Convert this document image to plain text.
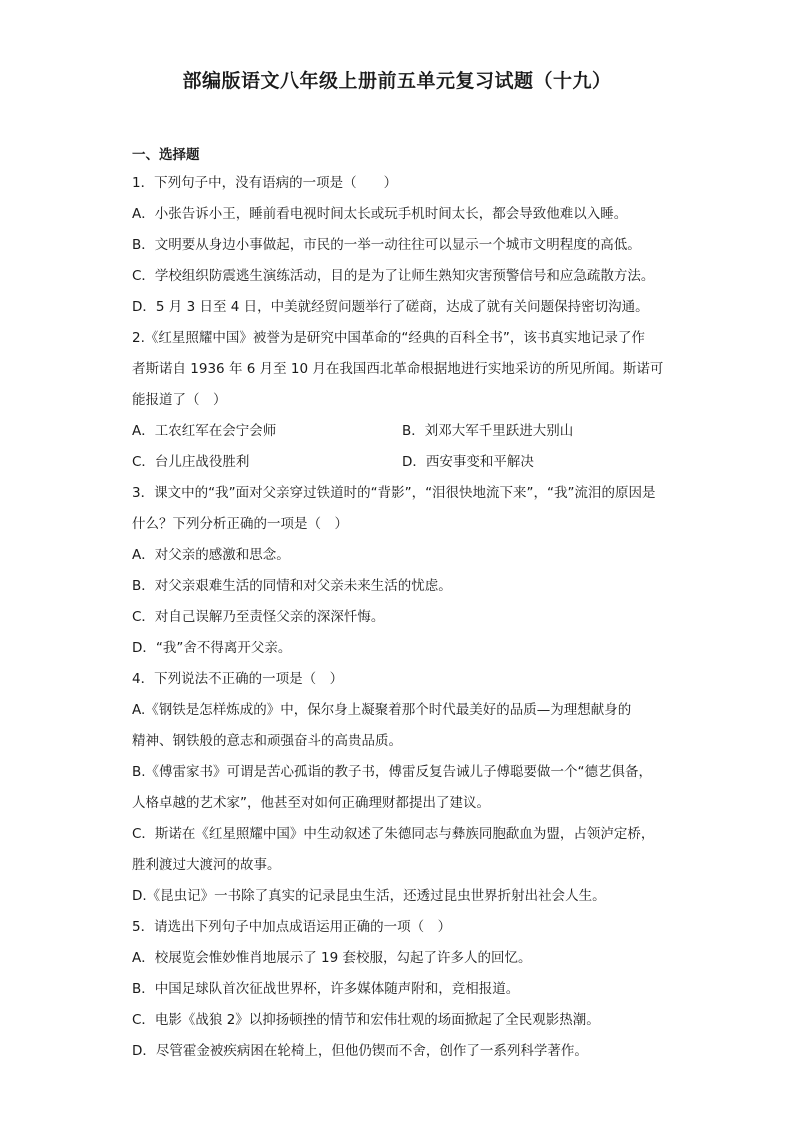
部编版语文八年级上册前五单元复习试题（十九）
一、选择题
1．下列句子中，没有语病的一项是（　　）
A．小张告诉小王，睡前看电视时间太长或玩手机时间太长，都会导致他难以入睡。
B．文明要从身边小事做起，市民的一举一动往往可以显示一个城市文明程度的高低。
C．学校组织防震逃生演练活动，目的是为了让师生熟知灾害预警信号和应急疏散方法。
D．5 月 3 日至 4 日，中美就经贸问题举行了磋商，达成了就有关问题保持密切沟通。
2.《红星照耀中国》被誉为是研究中国革命的“经典的百科全书”，该书真实地记录了作
者斯诺自 1936 年 6 月至 10 月在我国西北革命根据地进行实地采访的所见所闻。斯诺可
能报道了（　）
A．工农红军在会宁会师	B．刘邓大军千里跃进大别山
C．台儿庄战役胜利	D．西安事变和平解决
3．课文中的“我”面对父亲穿过铁道时的“背影”，“泪很快地流下来”，“我”流泪的原因是
什么？下列分析正确的一项是（　）
A．对父亲的感激和思念。
B．对父亲艰难生活的同情和对父亲未来生活的忧虑。
C．对自己误解乃至责怪父亲的深深忏悔。
D．“我”舍不得离开父亲。
4．下列说法不正确的一项是（　）
A.《钢铁是怎样炼成的》中，保尔身上凝聚着那个时代最美好的品质—为理想献身的
精神、钢铁般的意志和顽强奋斗的高贵品质。
B.《傅雷家书》可谓是苦心孤诣的教子书，傅雷反复告诫儿子傅聪要做一个“德艺俱备，
人格卓越的艺术家”，他甚至对如何正确理财都提出了建议。
C．斯诺在《红星照耀中国》中生动叙述了朱德同志与彝族同胞歃血为盟，占领泸定桥，
胜利渡过大渡河的故事。
D.《昆虫记》一书除了真实的记录昆虫生活，还透过昆虫世界折射出社会人生。
5．请选出下列句子中加点成语运用正确的一项（　）
A．校展览会惟妙惟肖地展示了 19 套校服，勾起了许多人的回忆。
B．中国足球队首次征战世界杯，许多媒体随声附和，竞相报道。
C．电影《战狼 2》以抑扬顿挫的情节和宏伟壮观的场面掀起了全民观影热潮。
D．尽管霍金被疾病困在轮椅上，但他仍锲而不舍，创作了一系列科学著作。
